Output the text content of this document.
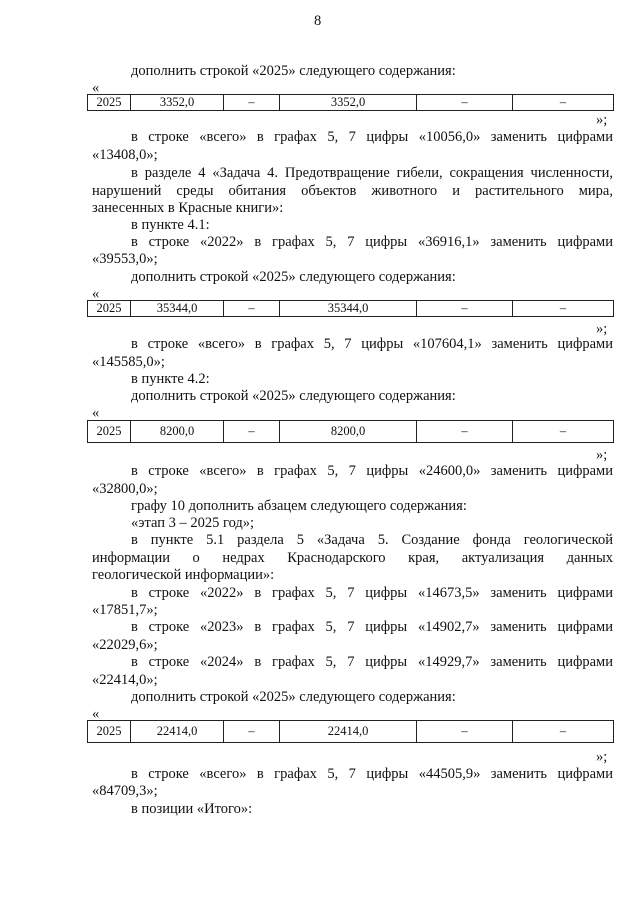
8
дополнить строкой «2025» следующего содержания:
«
2025	3352,0	–	3352,0	–	–
»;
в строке «всего» в графах 5, 7 цифры «10056,0» заменить цифрами
«13408,0»;
в разделе 4 «Задача 4. Предотвращение гибели, сокращения численности,
нарушений среды обитания объектов животного и растительного мира,
занесенных в Красные книги»:
в пункте 4.1:
в строке «2022» в графах 5, 7 цифры «36916,1» заменить цифрами
«39553,0»;
дополнить строкой «2025» следующего содержания:
«
2025	35344,0	–	35344,0	–	–
»;
в строке «всего» в графах 5, 7 цифры «107604,1» заменить цифрами
«145585,0»;
в пункте 4.2:
дополнить строкой «2025» следующего содержания:
«
2025	8200,0	–	8200,0	–	–
»;
в строке «всего» в графах 5, 7 цифры «24600,0» заменить цифрами
«32800,0»;
графу 10 дополнить абзацем следующего содержания:
«этап 3 – 2025 год»;
в пункте 5.1 раздела 5 «Задача 5. Создание фонда геологической
информации о недрах Краснодарского края, актуализация данных
геологической информации»:
в строке «2022» в графах 5, 7 цифры «14673,5» заменить цифрами
«17851,7»;
в строке «2023» в графах 5, 7 цифры «14902,7» заменить цифрами
«22029,6»;
в строке «2024» в графах 5, 7 цифры «14929,7» заменить цифрами
«22414,0»;
дополнить строкой «2025» следующего содержания:
«
2025	22414,0	–	22414,0	–	–
»;
в строке «всего» в графах 5, 7 цифры «44505,9» заменить цифрами
«84709,3»;
в позиции «Итого»:
